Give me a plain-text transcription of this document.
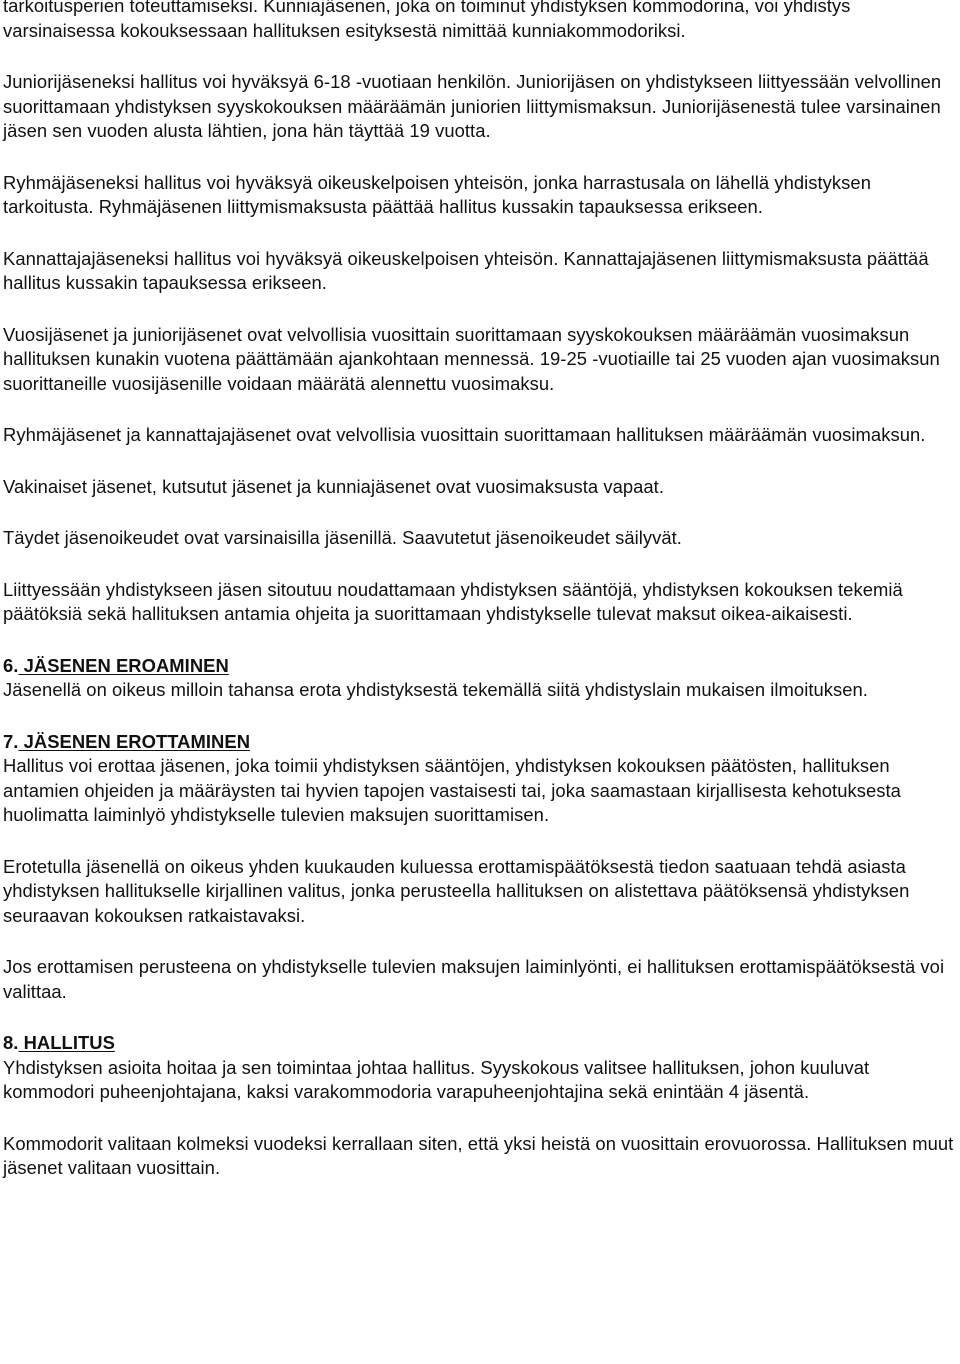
tarkoitusperien toteuttamiseksi. Kunniajäsenen, joka on toiminut yhdistyksen kommodorina, voi yhdistys varsinaisessa kokouksessaan hallituksen esityksestä nimittää kunniakommodoriksi.

Juniorijäseneksi hallitus voi hyväksyä 6-18 -vuotiaan henkilön. Juniorijäsen on yhdistykseen liittyessään velvollinen suorittamaan yhdistyksen syyskokouksen määräämän juniorien liittymismaksun. Juniorijäsenestä tulee varsinainen jäsen sen vuoden alusta lähtien, jona hän täyttää 19 vuotta.

Ryhmäjäseneksi hallitus voi hyväksyä oikeuskelpoisen yhteisön, jonka harrastusala on lähellä yhdistyksen tarkoitusta. Ryhmäjäsenen liittymismaksusta päättää hallitus kussakin tapauksessa erikseen.

Kannattajajäseneksi hallitus voi hyväksyä oikeuskelpoisen yhteisön. Kannattajajäsenen liittymismaksusta päättää hallitus kussakin tapauksessa erikseen.

Vuosijäsenet ja juniorijäsenet ovat velvollisia vuosittain suorittamaan syyskokouksen määräämän vuosimaksun hallituksen kunakin vuotena päättämään ajankohtaan mennessä. 19-25 -vuotiaille tai 25 vuoden ajan vuosimaksun suorittaneille vuosijäsenille voidaan määrätä alennettu vuosimaksu.

Ryhmäjäsenet ja kannattajajäsenet ovat velvollisia vuosittain suorittamaan hallituksen määräämän vuosimaksun.

Vakinaiset jäsenet, kutsutut jäsenet ja kunniajäsenet ovat vuosimaksusta vapaat.

Täydet jäsenoikeudet ovat varsinaisilla jäsenillä. Saavutetut jäsenoikeudet säilyvät.

Liittyessään yhdistykseen jäsen sitoutuu noudattamaan yhdistyksen sääntöjä, yhdistyksen kokouksen tekemiä päätöksiä sekä hallituksen antamia ohjeita ja suorittamaan yhdistykselle tulevat maksut oikea-aikaisesti.

6. JÄSENEN EROAMINEN

Jäsenellä on oikeus milloin tahansa erota yhdistyksestä tekemällä siitä yhdistyslain mukaisen ilmoituksen.

7. JÄSENEN EROTTAMINEN

Hallitus voi erottaa jäsenen, joka toimii yhdistyksen sääntöjen, yhdistyksen kokouksen päätösten, hallituksen antamien ohjeiden ja määräysten tai hyvien tapojen vastaisesti tai, joka saamastaan kirjallisesta kehotuksesta huolimatta laiminlyö yhdistykselle tulevien maksujen suorittamisen.

Erotetulla jäsenellä on oikeus yhden kuukauden kuluessa erottamispäätöksestä tiedon saatuaan tehdä asiasta yhdistyksen hallitukselle kirjallinen valitus, jonka perusteella hallituksen on alistettava päätöksensä yhdistyksen seuraavan kokouksen ratkaistavaksi.

Jos erottamisen perusteena on yhdistykselle tulevien maksujen laiminlyönti, ei hallituksen erottamispäätöksestä voi valittaa.

8. HALLITUS

Yhdistyksen asioita hoitaa ja sen toimintaa johtaa hallitus. Syyskokous valitsee hallituksen, johon kuuluvat kommodori puheenjohtajana, kaksi varakommodoria varapuheenjohtajina sekä enintään 4 jäsentä.

Kommodorit valitaan kolmeksi vuodeksi kerrallaan siten, että yksi heistä on vuosittain erovuorossa. Hallituksen muut jäsenet valitaan vuosittain.
